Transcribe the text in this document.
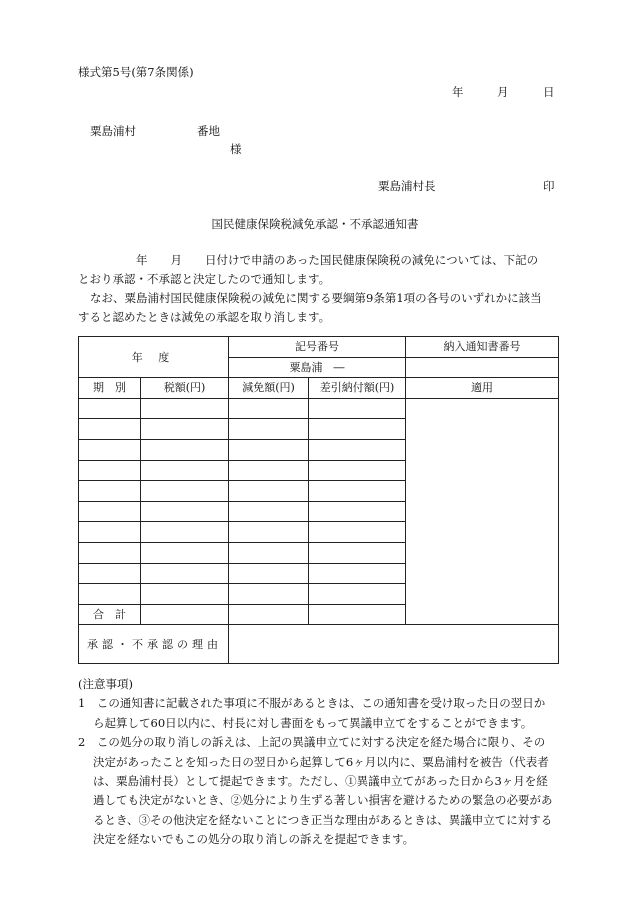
様式第5号(第7条関係)
年	月	日
粟島浦村	番地
様
粟島浦村長	印
国民健康保険税減免承認・不承認通知書
年　　月　　日付けで申請のあった国民健康保険税の減免については、下記の
とおり承認・不承認と決定したので通知します。
なお、粟島浦村国民健康保険税の減免に関する要綱第9条第1項の各号のいずれかに該当
すると認めたときは減免の承認を取り消します。
年 度		記号番号		納入通知書番号
		粟島浦　―		
期　別	税額(円)	減免額(円)	差引納付額(円)	適用

合　計				
承認・不承認の理由				
(注意事項)
1　この通知書に記載された事項に不服があるときは、この通知書を受け取った日の翌日か
ら起算して60日以内に、村長に対し書面をもって異議申立てをすることができます。
2　この処分の取り消しの訴えは、上記の異議申立てに対する決定を経た場合に限り、その
決定があったことを知った日の翌日から起算して6ヶ月以内に、粟島浦村を被告（代表者
は、粟島浦村長）として提起できます。ただし、①異議申立てがあった日から3ヶ月を経
過しても決定がないとき、②処分により生ずる著しい損害を避けるための緊急の必要があ
るとき、③その他決定を経ないことにつき正当な理由があるときは、異議申立てに対する
決定を経ないでもこの処分の取り消しの訴えを提起できます。
